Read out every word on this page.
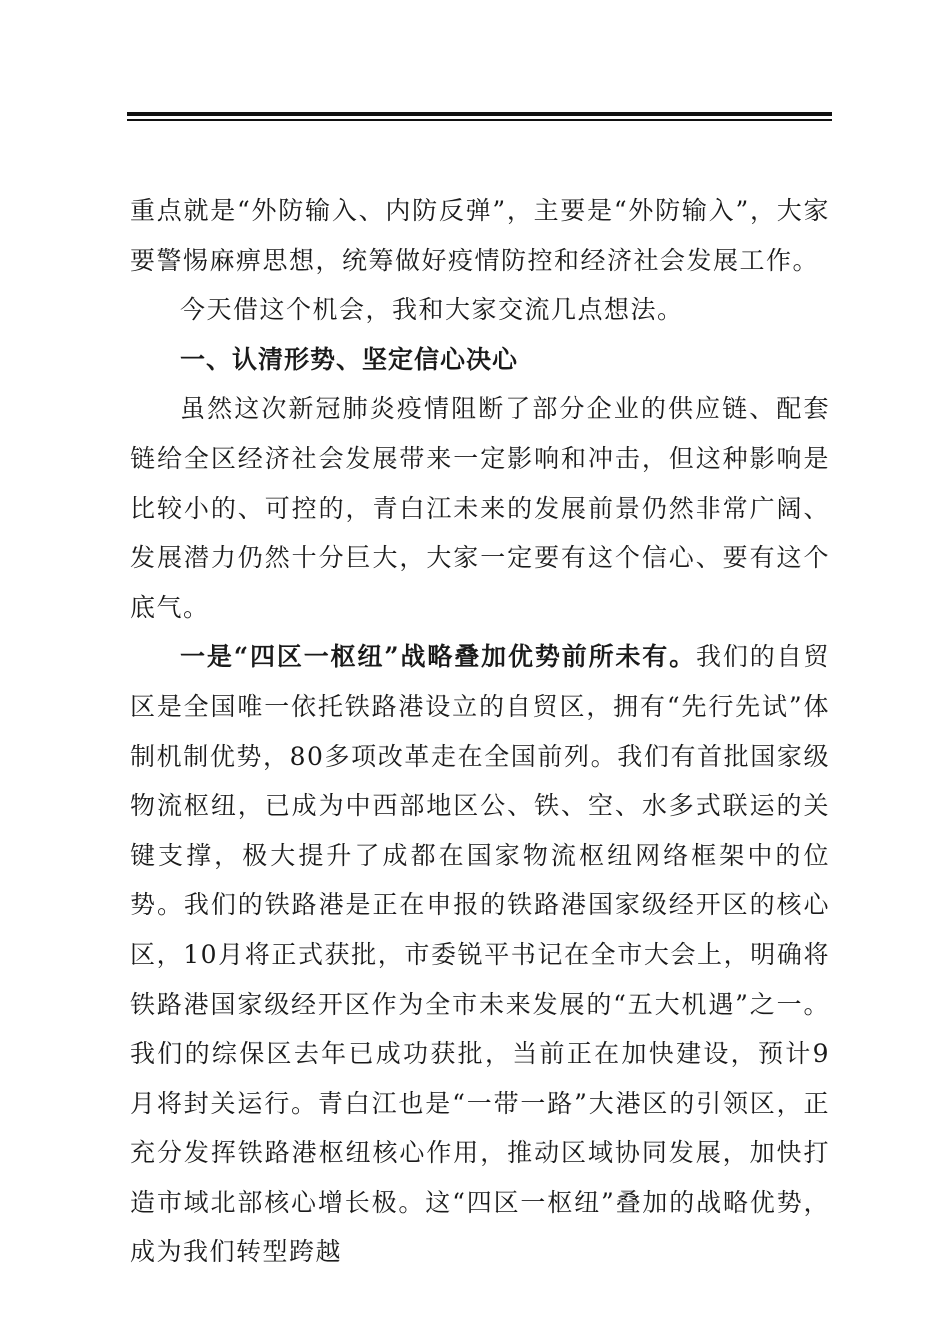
重点就是“外防输入、内防反弹”，主要是“外防输入”，大家要警惕麻痹思想，统筹做好疫情防控和经济社会发展工作。

今天借这个机会，我和大家交流几点想法。

一、认清形势、坚定信心决心

虽然这次新冠肺炎疫情阻断了部分企业的供应链、配套链给全区经济社会发展带来一定影响和冲击，但这种影响是比较小的、可控的，青白江未来的发展前景仍然非常广阔、发展潜力仍然十分巨大，大家一定要有这个信心、要有这个底气。

一是“四区一枢纽”战略叠加优势前所未有。我们的自贸区是全国唯一依托铁路港设立的自贸区，拥有“先行先试”体制机制优势，80多项改革走在全国前列。我们有首批国家级物流枢纽，已成为中西部地区公、铁、空、水多式联运的关键支撑，极大提升了成都在国家物流枢纽网络框架中的位势。我们的铁路港是正在申报的铁路港国家级经开区的核心区，10月将正式获批，市委锐平书记在全市大会上，明确将铁路港国家级经开区作为全市未来发展的“五大机遇”之一。我们的综保区去年已成功获批，当前正在加快建设，预计9月将封关运行。青白江也是“一带一路”大港区的引领区，正充分发挥铁路港枢纽核心作用，推动区域协同发展，加快打造市域北部核心增长极。这“四区一枢纽”叠加的战略优势，成为我们转型跨越
